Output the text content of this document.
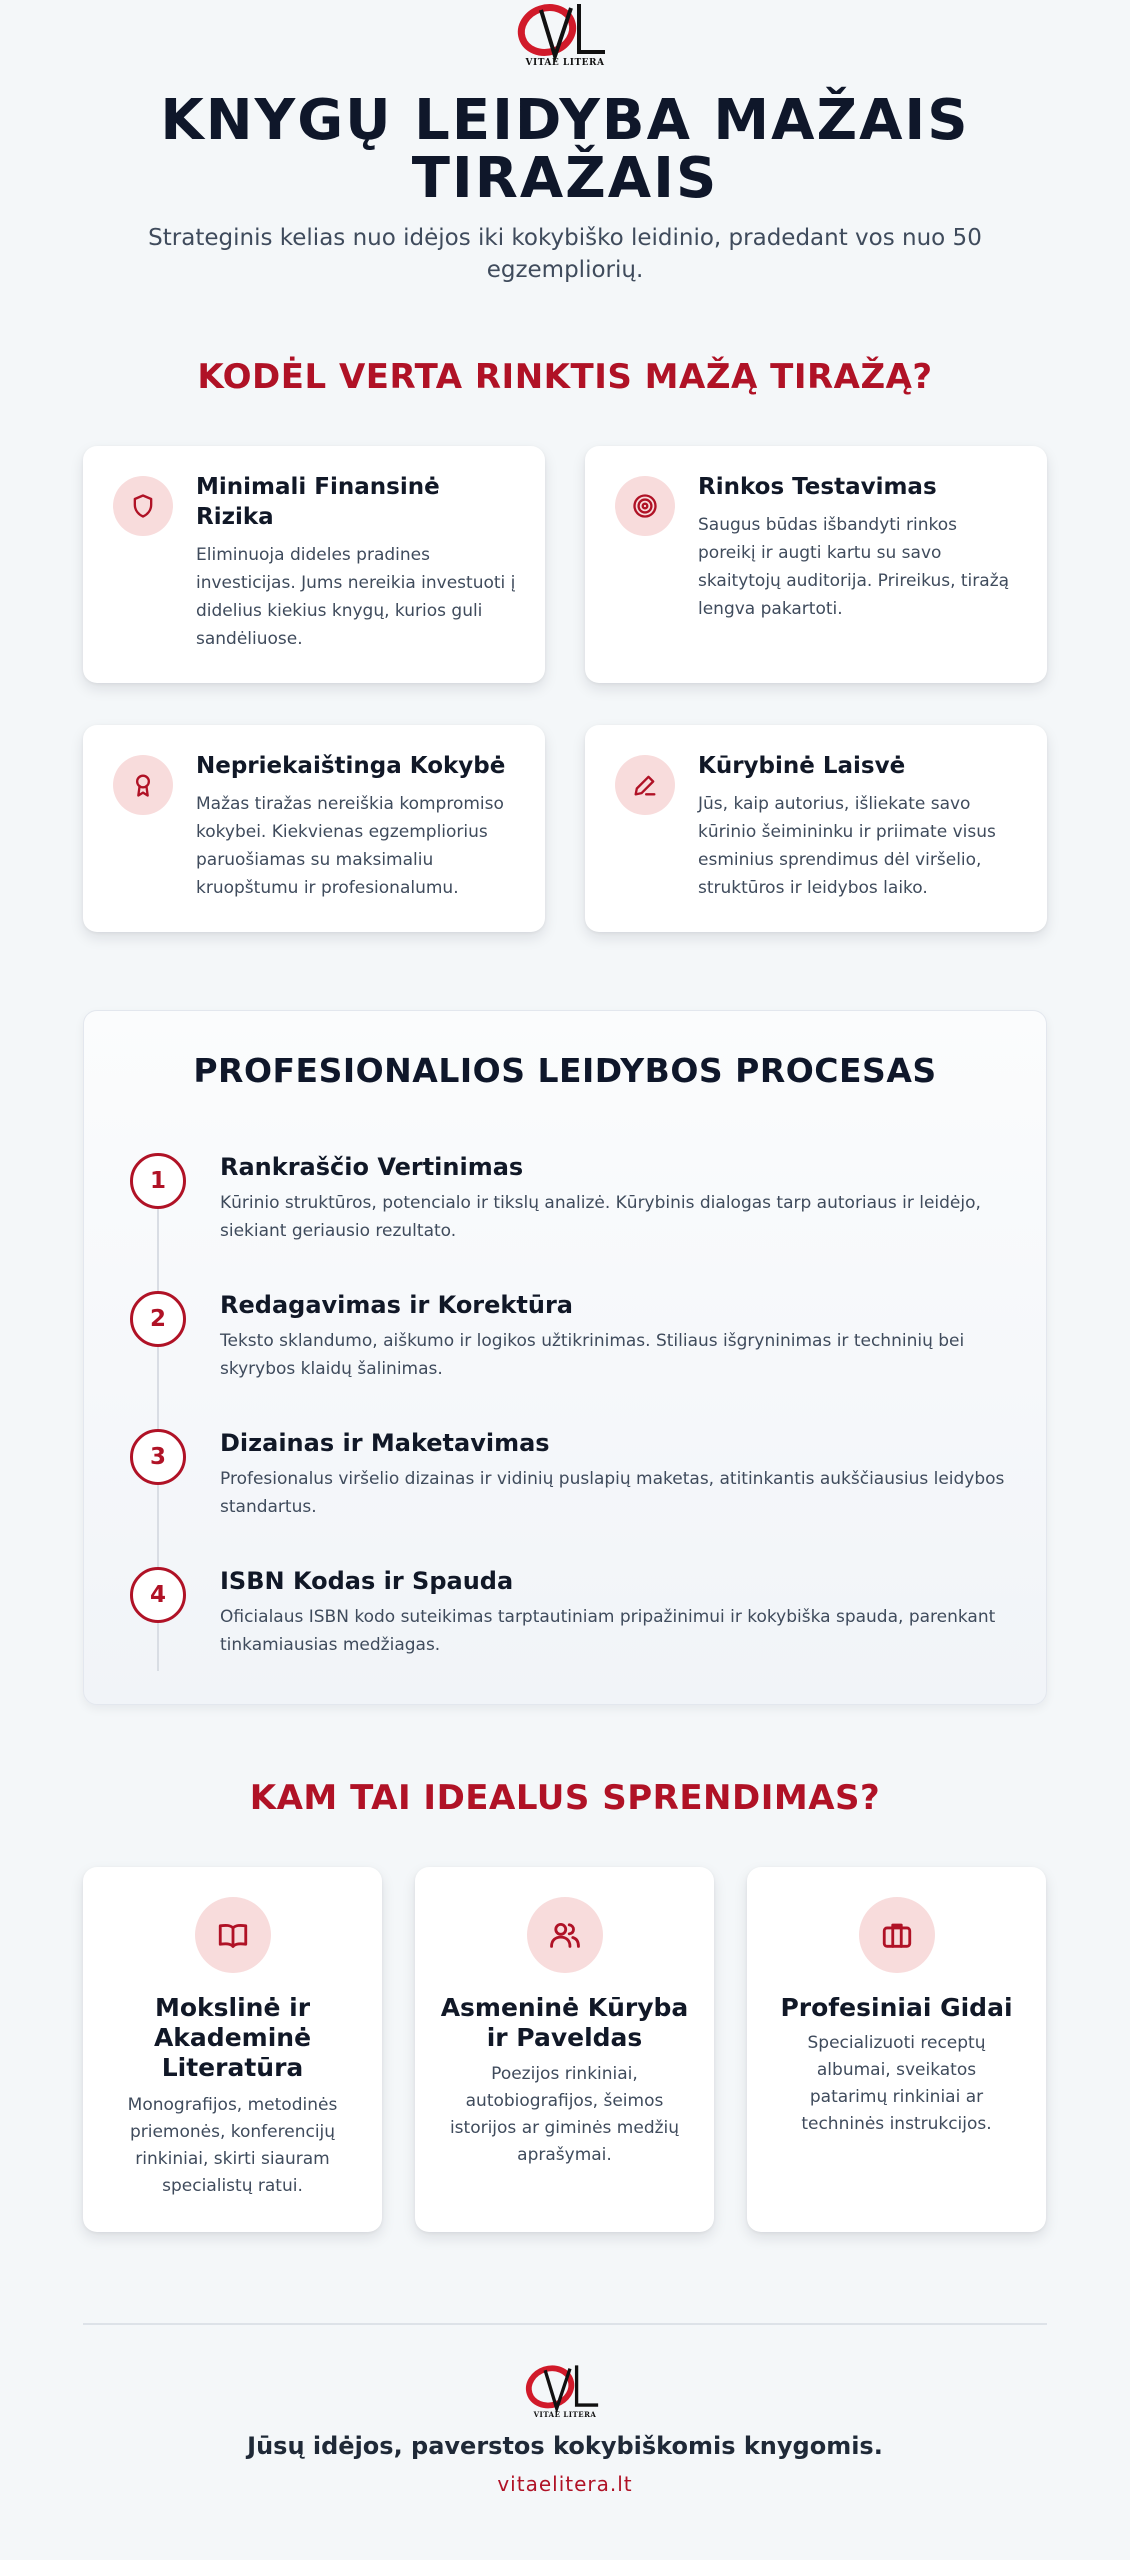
VITAE LITERA
KNYGŲ LEIDYBA MAŽAIS TIRAŽAIS

Strateginis kelias nuo idėjos iki kokybiško leidinio, pradedant vos nuo 50 egzempliorių.

KODĖL VERTA RINKTIS MAŽĄ TIRAŽĄ?
Minimali Finansinė Rizika
Eliminuoja dideles pradines investicijas. Jums nereikia investuoti į didelius kiekius knygų, kurios guli sandėliuose.
Rinkos Testavimas
Saugus būdas išbandyti rinkos poreikį ir augti kartu su savo skaitytojų auditorija. Prireikus, tiražą lengva pakartoti.
Nepriekaištinga Kokybė
Mažas tiražas nereiškia kompromiso kokybei. Kiekvienas egzempliorius paruošiamas su maksimaliu kruopštumu ir profesionalumu.
Kūrybinė Laisvė
Jūs, kaip autorius, išliekate savo kūrinio šeimininku ir priimate visus esminius sprendimus dėl viršelio, struktūros ir leidybos laiko.
PROFESIONALIOS LEIDYBOS PROCESAS
1	Rankraščio Vertinimas
Kūrinio struktūros, potencialo ir tikslų analizė. Kūrybinis dialogas tarp autoriaus ir leidėjo, siekiant geriausio rezultato.
2	Redagavimas ir Korektūra
Teksto sklandumo, aiškumo ir logikos užtikrinimas. Stiliaus išgryninimas ir techninių bei skyrybos klaidų šalinimas.
3	Dizainas ir Maketavimas
Profesionalus viršelio dizainas ir vidinių puslapių maketas, atitinkantis aukščiausius leidybos standartus.
4	ISBN Kodas ir Spauda
Oficialaus ISBN kodo suteikimas tarptautiniam pripažinimui ir kokybiška spauda, parenkant tinkamiausias medžiagas.
KAM TAI IDEALUS SPRENDIMAS?
Mokslinė ir Akademinė Literatūra
Monografijos, metodinės priemonės, konferencijų rinkiniai, skirti siauram specialistų ratui.
Asmeninė Kūryba ir Paveldas
Poezijos rinkiniai, autobiografijos, šeimos istorijos ar giminės medžių aprašymai.
Profesiniai Gidai
Specializuoti receptų albumai, sveikatos patarimų rinkiniai ar techninės instrukcijos.
VITAE LITERA
Jūsų idėjos, paverstos kokybiškomis knygomis.
vitaelitera.lt
